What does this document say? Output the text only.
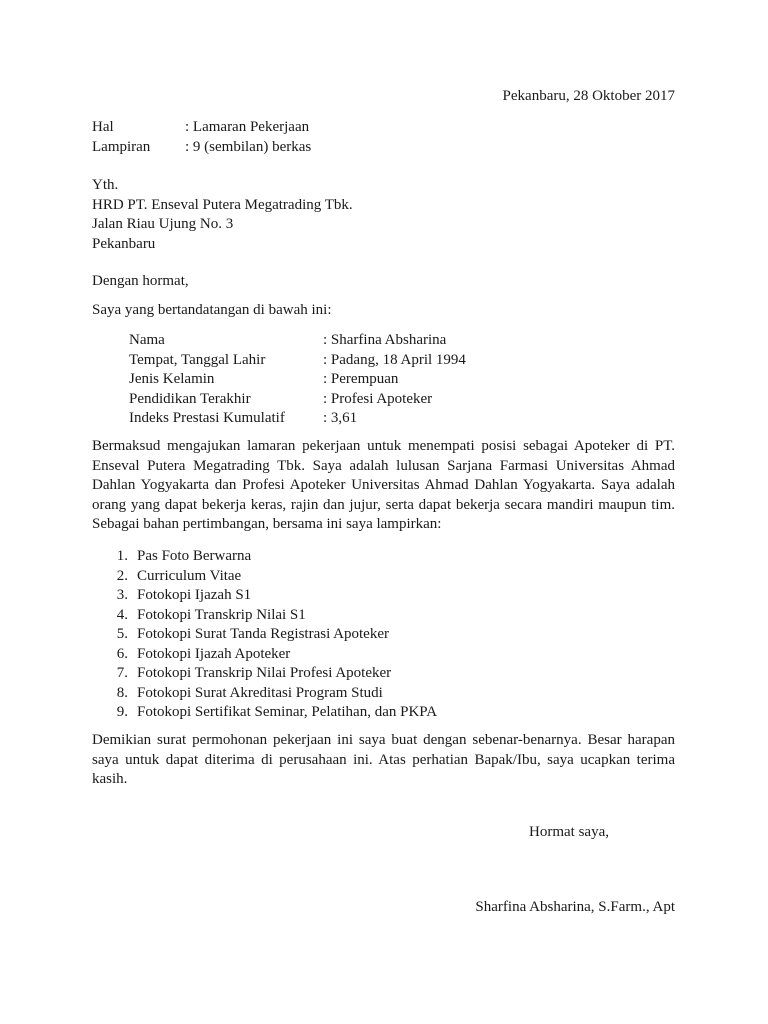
Pekanbaru, 28 Oktober 2017
Hal	: Lamaran Pekerjaan
Lampiran : 9 (sembilan) berkas
Yth.
HRD PT. Enseval Putera Megatrading Tbk.
Jalan Riau Ujung No. 3
Pekanbaru
Dengan hormat,
Saya yang bertandatangan di bawah ini:
Nama	: Sharfina Absharina
Tempat, Tanggal Lahir	: Padang, 18 April 1994
Jenis Kelamin	: Perempuan
Pendidikan Terakhir	: Profesi Apoteker
Indeks Prestasi Kumulatif	: 3,61
Bermaksud mengajukan lamaran pekerjaan untuk menempati posisi sebagai Apoteker di PT. Enseval Putera Megatrading Tbk. Saya adalah lulusan Sarjana Farmasi Universitas Ahmad Dahlan Yogyakarta dan Profesi Apoteker Universitas Ahmad Dahlan Yogyakarta. Saya adalah orang yang dapat bekerja keras, rajin dan jujur, serta dapat bekerja secara mandiri maupun tim. Sebagai bahan pertimbangan, bersama ini saya lampirkan:
1. Pas Foto Berwarna
2. Curriculum Vitae
3. Fotokopi Ijazah S1
4. Fotokopi Transkrip Nilai S1
5. Fotokopi Surat Tanda Registrasi Apoteker
6. Fotokopi Ijazah Apoteker
7. Fotokopi Transkrip Nilai Profesi Apoteker
8. Fotokopi Surat Akreditasi Program Studi
9. Fotokopi Sertifikat Seminar, Pelatihan, dan PKPA
Demikian surat permohonan pekerjaan ini saya buat dengan sebenar-benarnya. Besar harapan saya untuk dapat diterima di perusahaan ini. Atas perhatian Bapak/Ibu, saya ucapkan terima kasih.
Hormat saya,
Sharfina Absharina, S.Farm., Apt
